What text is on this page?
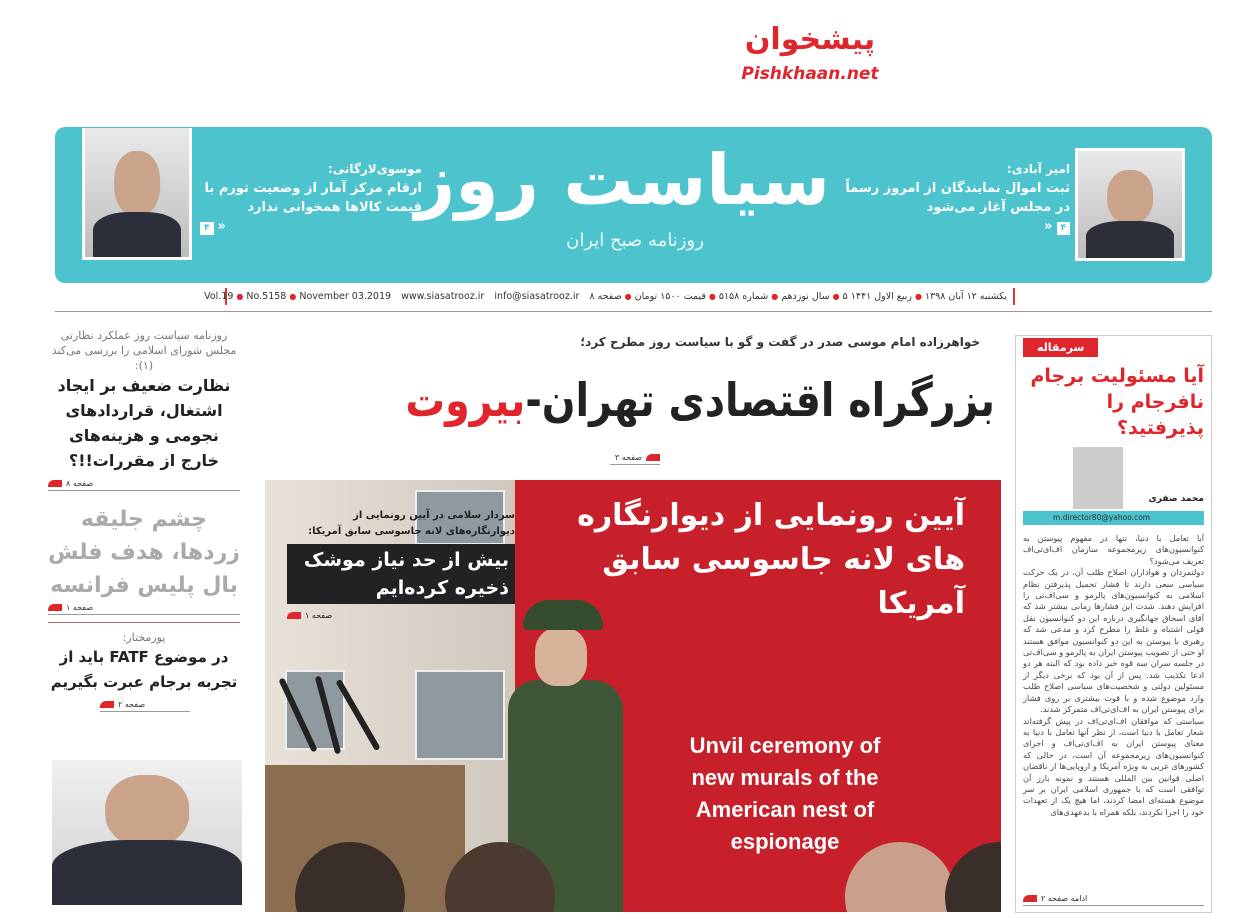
امیر آبادی:
ثبت اموال نمایندگان از امروز رسماً در مجلس آغاز می‌شود
۴«
موسوی‌لارگانی:
ارقام مرکز آمار از وضعیت تورم با قیمت کالاها همخوانی ندارد
۴ »
سیاست روز
روزنامه صبح ایران
یکشنبه ۱۲ آبان ۱۳۹۸
●
۵ ربیع الاول ۱۴۴۱
●
سال نوزدهم
●
شماره ۵۱۵۸
●
قیمت ۱۵۰۰ تومان
●
۸ صفحه
info@siasatrooz.ir
www.siasatrooz.ir
November 03.2019
●
No.5158
●
Vol.19
سرمقاله
آیا مسئولیت برجام نافرجام را پذیرفتید؟
محمد صفری
m.director80@yahoo.com

آیا تعامل با دنیا، تنها در مفهوم پیوستن به کنوانسیون‌های زیرمجموعه سازمان اف‌ای‌تی‌اف تعریف می‌شود؟

دولتمردان و هواداران اصلاح طلب آن، در یک حرکت سیاسی سعی دارند تا فشار تحمیل پذیرفتن نظام اسلامی به کنوانسیون‌های پالرمو و سی‌اف‌تی را افزایش دهند. شدت این فشارها زمانی بیشتر شد که آقای اسحاق جهانگیری درباره این دو کنوانسیون نقل قولی اشتباه و غلط را مطرح کرد و مدعی شد که رهبری با پیوستن به این دو کنوانسیون موافق هستند او حتی از تصویب پیوستن ایران به پالرمو و سی‌اف‌تی در جلسه سران سه قوه خبر داده بود که البته هر دو ادعا تکذیب شد. پس از آن بود که برخی دیگر از مسئولین دولتی و شخصیت‌های سیاسی اصلاح طلب وارد موضوع شده و با قوت بیشتری بر روی فشار برای پیوستن ایران به اف‌ای‌تی‌اف متمرکز شدند.

سیاستی که موافقان اف‌ای‌تی‌اف در پیش گرفته‌اند شعار تعامل با دنیا است، از نظر آنها تعامل با دنیا به معنای پیوستن ایران به اف‌ای‌تی‌اف و اجرای کنوانسیون‌های زیرمجموعه آن است، در حالی که کشورهای غربی به ویژه آمریکا و اروپایی‌ها از ناقضان اصلی قوانین بین المللی هستند و نمونه بارز آن توافقی است که با جمهوری اسلامی ایران بر سر موضوع هسته‌ای امضا کردند، اما هیچ یک از تعهدات خود را اجرا نکردند، بلکه همراه با بدعهدی‌های

ادامه صفحه ۲
خواهرزاده امام موسی صدر در گفت و گو با سیاست روز مطرح کرد؛
بزرگراه اقتصادی تهران-بیروت
صفحه ۳
آیین رونمایی از دیوارنگاره های لانه جاسوسی سابق آمریکا
Unvil ceremony of new murals of the American nest of espionage
سردار سلامی در آیین رونمایی از دیوارنگاره‌های لانه جاسوسی سابق آمریکا:
بیش از حد نیاز موشک ذخیره کرده‌ایم
صفحه ۱
روزنامه سیاست روز عملکرد نظارتی مجلس شورای اسلامی را بررسی می‌کند (۱):
نظارت ضعیف بر ایجاد اشتغال، قراردادهای نجومی و هزینه‌های خارج از مقررات!!؟
صفحه ۸
چشم جلیقه زردها، هدف فلش بال پلیس فرانسه
صفحه ۱
پورمختار:
در موضوع FATF باید از تجربه برجام عبرت بگیریم
صفحه ۲
پیشخوان
Pishkhaan.net
